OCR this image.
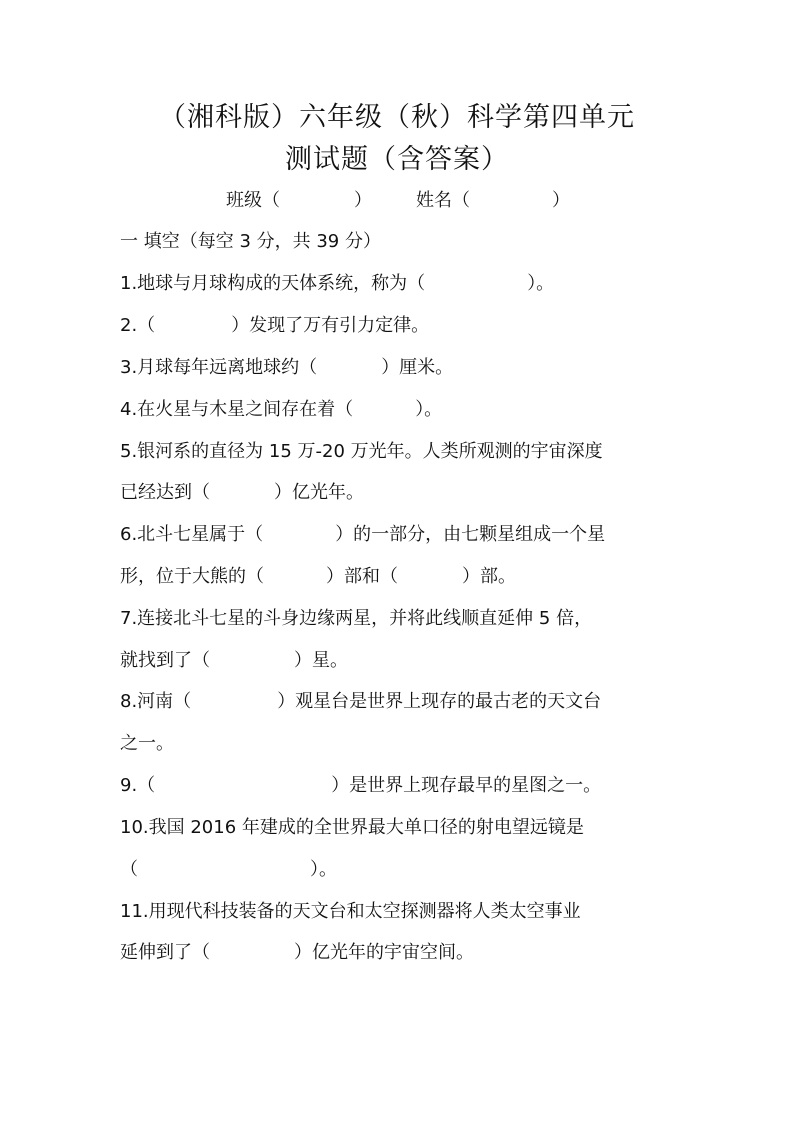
（湘科版）六年级（秋）科学第四单元
测试题（含答案）
班级（	） 姓名（	）
一 填空（每空 3 分，共 39 分）
1.地球与月球构成的天体系统，称为（	）。
2.（	）发现了万有引力定律。
3.月球每年远离地球约（	）厘米。
4.在火星与木星之间存在着（	）。
5.银河系的直径为 15 万-20 万光年。人类所观测的宇宙深度
已经达到（	）亿光年。
6.北斗七星属于（	）的一部分，由七颗星组成一个星
形，位于大熊的（	）部和（	）部。
7.连接北斗七星的斗身边缘两星，并将此线顺直延伸 5 倍，
就找到了（	）星。
8.河南（	）观星台是世界上现存的最古老的天文台
之一。
9.（	）是世界上现存最早的星图之一。
10.我国 2016 年建成的全世界最大单口径的射电望远镜是
（	）。
11.用现代科技装备的天文台和太空探测器将人类太空事业
延伸到了（	）亿光年的宇宙空间。
